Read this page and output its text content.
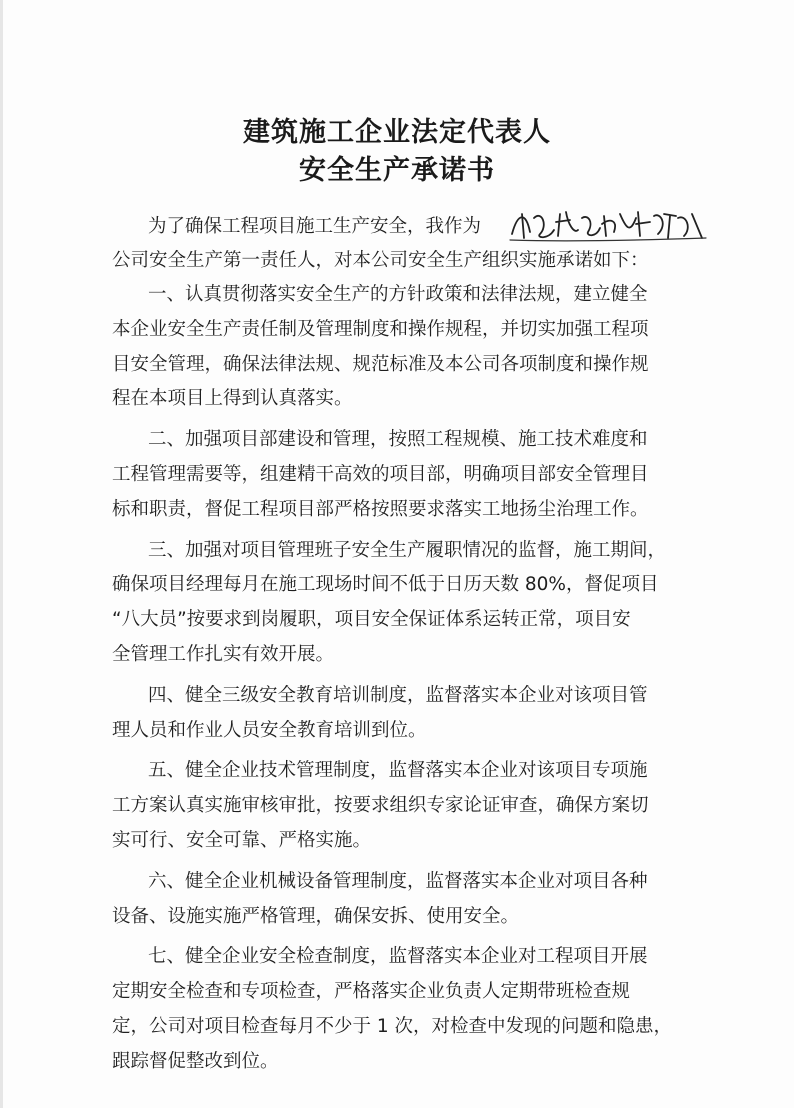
建筑施工企业法定代表人
安全生产承诺书
为了确保工程项目施工生产安全，我作为
公司安全生产第一责任人，对本公司安全生产组织实施承诺如下：
一、认真贯彻落实安全生产的方针政策和法律法规，建立健全
本企业安全生产责任制及管理制度和操作规程，并切实加强工程项
目安全管理，确保法律法规、规范标准及本公司各项制度和操作规
程在本项目上得到认真落实。
二、加强项目部建设和管理，按照工程规模、施工技术难度和
工程管理需要等，组建精干高效的项目部，明确项目部安全管理目
标和职责，督促工程项目部严格按照要求落实工地扬尘治理工作。
三、加强对项目管理班子安全生产履职情况的监督，施工期间，
确保项目经理每月在施工现场时间不低于日历天数 80%，督促项目
“八大员”按要求到岗履职，项目安全保证体系运转正常，项目安
全管理工作扎实有效开展。
四、健全三级安全教育培训制度，监督落实本企业对该项目管
理人员和作业人员安全教育培训到位。
五、健全企业技术管理制度，监督落实本企业对该项目专项施
工方案认真实施审核审批，按要求组织专家论证审查，确保方案切
实可行、安全可靠、严格实施。
六、健全企业机械设备管理制度，监督落实本企业对项目各种
设备、设施实施严格管理，确保安拆、使用安全。
七、健全企业安全检查制度，监督落实本企业对工程项目开展
定期安全检查和专项检查，严格落实企业负责人定期带班检查规
定，公司对项目检查每月不少于 1 次，对检查中发现的问题和隐患，
跟踪督促整改到位。
